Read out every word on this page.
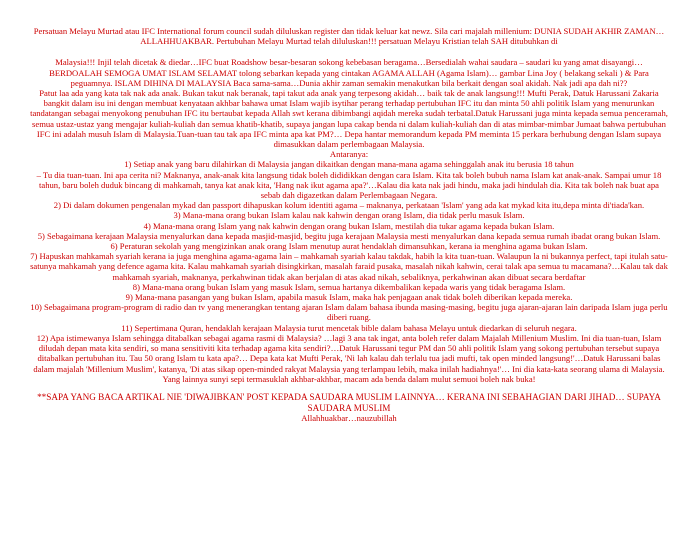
Persatuan Melayu Murtad atau IFC International forum council sudah diluluskan register dan tidak keluar kat newz. Sila cari majalah millenium: DUNIA SUDAH AKHIR ZAMAN… ALLAHHUAKBAR. Pertubuhan Melayu Murtad telah diluluskan!!! persatuan Melayu Kristian telah SAH ditubuhkan di

Malaysia!!! Injil telah dicetak & diedar…IFC buat Roadshow besar-besaran sokong kebebasan beragama…Bersedialah wahai saudara – saudari ku yang amat disayangi… BERDOALAH SEMOGA UMAT ISLAM SELAMAT tolong sebarkan kepada yang cintakan AGAMA ALLAH (Agama Islam)… gambar Lina Joy ( belakang sekali ) & Para peguamnya. ISLAM DIHINA DI MALAYSIA Baca sama-sama…Dunia akhir zaman semakin menakutkan bila berkait dengan soal akidah. Nak jadi apa dah ni??

Patut laa ada yang kata tak nak ada anak. Bukan takut nak beranak, tapi takut ada anak yang terpesong akidah… baik tak de anak langsung!!! Mufti Perak, Datuk Harussani Zakaria bangkit dalam isu ini dengan membuat kenyataan akhbar bahawa umat Islam wajib isytihar perang terhadap pertubuhan IFC itu dan minta 50 ahli politik Islam yang menurunkan tandatangan sebagai menyokong penubuhan IFC itu bertaubat kepada Allah swt kerana dibimbangi aqidah mereka sudah terbatal.Datuk Harussani juga minta kepada semua penceramah, semua ustaz-ustaz yang mengajar kuliah-kuliah dan semua khatib-khatib, supaya jangan lupa cakap benda ni dalam kuliah-kuliah dan di atas mimbar-mimbar Jumaat bahwa pertubuhan IFC ini adalah musuh Islam di Malaysia.Tuan-tuan tau tak apa IFC minta apa kat PM?… Depa hantar memorandum kepada PM meminta 15 perkara berhubung dengan Islam supaya dimasukkan dalam perlembagaan Malaysia.

Antaranya:

1) Setiap anak yang baru dilahirkan di Malaysia jangan dikaitkan dengan mana-mana agama sehinggalah anak itu berusia 18 tahun

– Tu dia tuan-tuan. Ini apa cerita ni? Maknanya, anak-anak kita langsung tidak boleh dididikkan dengan cara Islam. Kita tak boleh bubuh nama Islam kat anak-anak. Sampai umur 18 tahun, baru boleh duduk bincang di mahkamah, tanya kat anak kita, 'Hang nak ikut agama apa?'…Kalau dia kata nak jadi hindu, maka jadi hindulah dia. Kita tak boleh nak buat apa sebab dah digazetkan dalam Perlembagaan Negara.

2) Di dalam dokumen pengenalan mykad dan passport dihapuskan kolum identiti agama – maknanya, perkataan 'Islam' yang ada kat mykad kita itu,depa minta di'tiada'kan.

3) Mana-mana orang bukan Islam kalau nak kahwin dengan orang Islam, dia tidak perlu masuk Islam.

4) Mana-mana orang Islam yang nak kahwin dengan orang bukan Islam, mestilah dia tukar agama kepada bukan Islam.

5) Sebagaimana kerajaan Malaysia menyalurkan dana kepada masjid-masjid, begitu juga kerajaan Malaysia mesti menyalurkan dana kepada semua rumah ibadat orang bukan Islam.

6) Peraturan sekolah yang mengizinkan anak orang Islam menutup aurat hendaklah dimansuhkan, kerana ia menghina agama bukan Islam.

7) Hapuskan mahkamah syariah kerana ia juga menghina agama-agama lain – mahkamah syariah kalau takdak, habih la kita tuan-tuan. Walaupun la ni bukannya perfect, tapi itulah satu-satunya mahkamah yang defence agama kita. Kalau mahkamah syariah disingkirkan, masalah faraid pusaka, masalah nikah kahwin, cerai talak apa semua tu macamana?…Kalau tak dak mahkamah syariah, maknanya, perkahwinan tidak akan berjalan di atas akad nikah, sebaliknya, perkahwinan akan dibuat secara berdaftar

8) Mana-mana orang bukan Islam yang masuk Islam, semua hartanya dikembalikan kepada waris yang tidak beragama Islam.

9) Mana-mana pasangan yang bukan Islam, apabila masuk Islam, maka hak penjagaan anak tidak boleh diberikan kepada mereka.

10) Sebagaimana program-program di radio dan tv yang menerangkan tentang ajaran Islam dalam bahasa ibunda masing-masing, begitu juga ajaran-ajaran lain daripada Islam juga perlu diberi ruang.

11) Sepertimana Quran, hendaklah kerajaan Malaysia turut mencetak bible dalam bahasa Melayu untuk diedarkan di seluruh negara.

12) Apa istimewanya Islam sehingga ditabalkan sebagai agama rasmi di Malaysia? …lagi 3 ana tak ingat, anta boleh refer dalam Majalah Millenium Muslim. Ini dia tuan-tuan, Islam diludah depan mata kita sendiri, so mana sensitiviti kita terhadap agama kita sendiri?…Datuk Harussani tegur PM dan 50 ahli politik Islam yang sokong pertubuhan tersebut supaya ditabalkan pertubuhan itu. Tau 50 orang Islam tu kata apa?… Depa kata kat Mufti Perak, 'Ni lah kalau dah terlalu tua jadi mufti, tak open minded langsung!'…Datuk Harussani balas dalam majalah 'Millenium Muslim', katanya, 'Di atas sikap open-minded rakyat Malaysia yang terlampau lebih, maka inilah hadiahnya!'… Ini dia kata-kata seorang ulama di Malaysia. Yang lainnya sunyi sepi termasuklah akhbar-akhbar, macam ada benda dalam mulut semuoi boleh nak buka!

**SAPA YANG BACA ARTIKAL NIE 'DIWAJIBKAN' POST KEPADA SAUDARA MUSLIM LAINNYA… KERANA INI SEBAHAGIAN DARI JIHAD… SUPAYA SAUDARA MUSLIM

Allahhuakbar…nauzubillah
